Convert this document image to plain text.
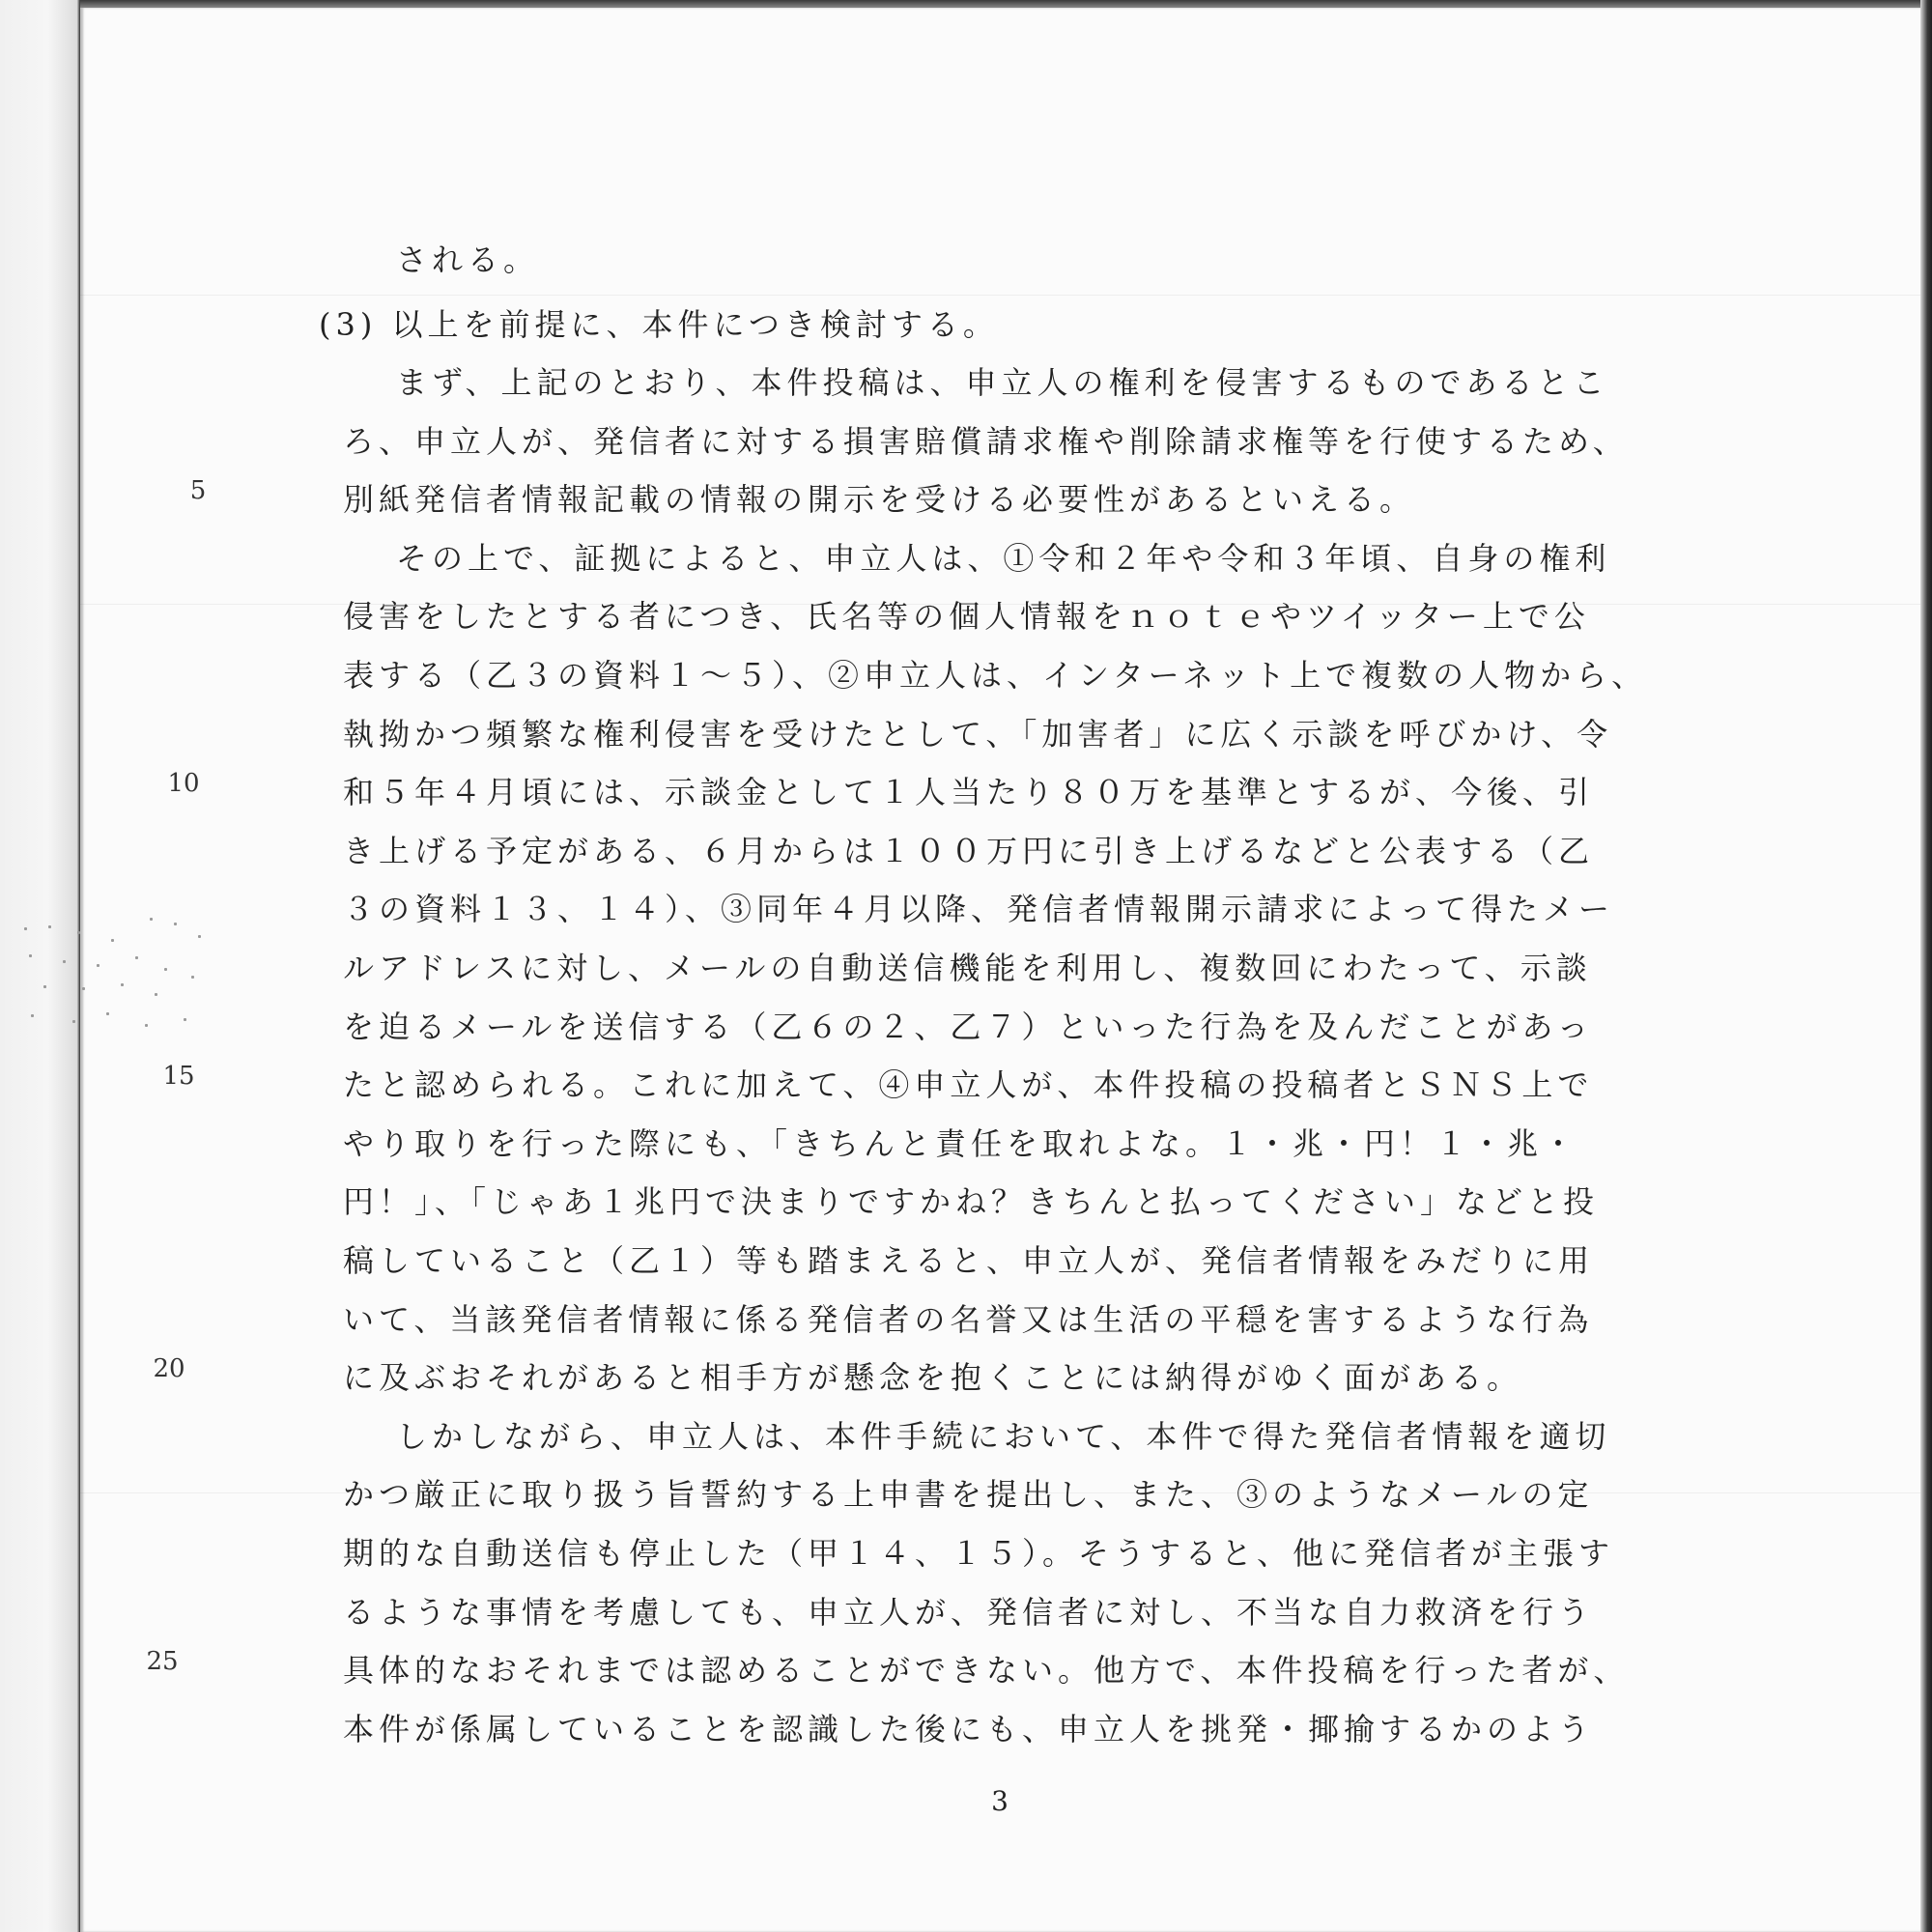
5
10
15
20
25

される。

(3) 以上を前提に、本件につき検討する。

まず、上記のとおり、本件投稿は、申立人の権利を侵害するものであるとこ

ろ、申立人が、発信者に対する損害賠償請求権や削除請求権等を行使するため、

別紙発信者情報記載の情報の開示を受ける必要性があるといえる。

その上で、証拠によると、申立人は、①令和２年や令和３年頃、自身の権利

侵害をしたとする者につき、氏名等の個人情報をｎｏｔｅやツイッター上で公

表する（乙３の資料１～５）、②申立人は、インターネット上で複数の人物から、

執拗かつ頻繁な権利侵害を受けたとして、「加害者」に広く示談を呼びかけ、令

和５年４月頃には、示談金として１人当たり８０万を基準とするが、今後、引

き上げる予定がある、６月からは１００万円に引き上げるなどと公表する（乙

３の資料１３、１４）、③同年４月以降、発信者情報開示請求によって得たメー

ルアドレスに対し、メールの自動送信機能を利用し、複数回にわたって、示談

を迫るメールを送信する（乙６の２、乙７）といった行為を及んだことがあっ

たと認められる。これに加えて、④申立人が、本件投稿の投稿者とＳＮＳ上で

やり取りを行った際にも、「きちんと責任を取れよな。１・兆・円！１・兆・

円！」、「じゃあ１兆円で決まりですかね？きちんと払ってください」などと投

稿していること（乙１）等も踏まえると、申立人が、発信者情報をみだりに用

いて、当該発信者情報に係る発信者の名誉又は生活の平穏を害するような行為

に及ぶおそれがあると相手方が懸念を抱くことには納得がゆく面がある。

しかしながら、申立人は、本件手続において、本件で得た発信者情報を適切

かつ厳正に取り扱う旨誓約する上申書を提出し、また、③のようなメールの定

期的な自動送信も停止した（甲１４、１５）。そうすると、他に発信者が主張す

るような事情を考慮しても、申立人が、発信者に対し、不当な自力救済を行う

具体的なおそれまでは認めることができない。他方で、本件投稿を行った者が、

本件が係属していることを認識した後にも、申立人を挑発・揶揄するかのよう

3
